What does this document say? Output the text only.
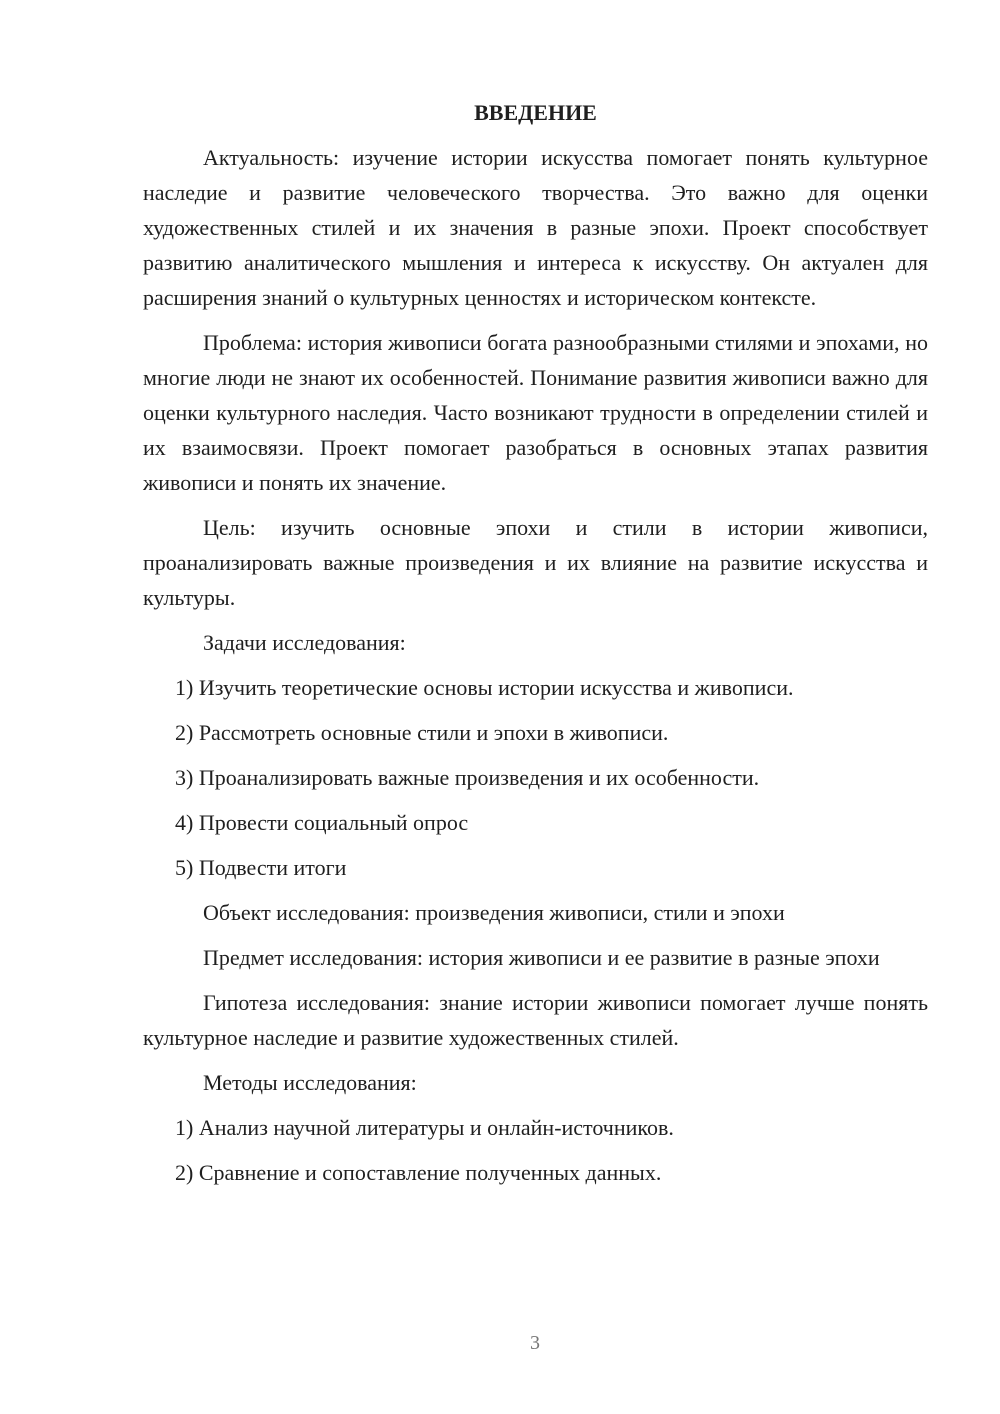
ВВЕДЕНИЕ

Актуальность: изучение истории искусства помогает понять культурное наследие и развитие человеческого творчества. Это важно для оценки художественных стилей и их значения в разные эпохи. Проект способствует развитию аналитического мышления и интереса к искусству. Он актуален для расширения знаний о культурных ценностях и историческом контексте.

Проблема: история живописи богата разнообразными стилями и эпохами, но многие люди не знают их особенностей. Понимание развития живописи важно для оценки культурного наследия. Часто возникают трудности в определении стилей и их взаимосвязи. Проект помогает разобраться в основных этапах развития живописи и понять их значение.

Цель: изучить основные эпохи и стили в истории живописи, проанализировать важные произведения и их влияние на развитие искусства и культуры.

Задачи исследования:

1) Изучить теоретические основы истории искусства и живописи.
2) Рассмотреть основные стили и эпохи в живописи.
3) Проанализировать важные произведения и их особенности.
4) Провести социальный опрос
5) Подвести итоги

Объект исследования: произведения живописи, стили и эпохи

Предмет исследования: история живописи и ее развитие в разные эпохи

Гипотеза исследования: знание истории живописи помогает лучше понять культурное наследие и развитие художественных стилей.

Методы исследования:

1) Анализ научной литературы и онлайн-источников.
2) Сравнение и сопоставление полученных данных.
3
